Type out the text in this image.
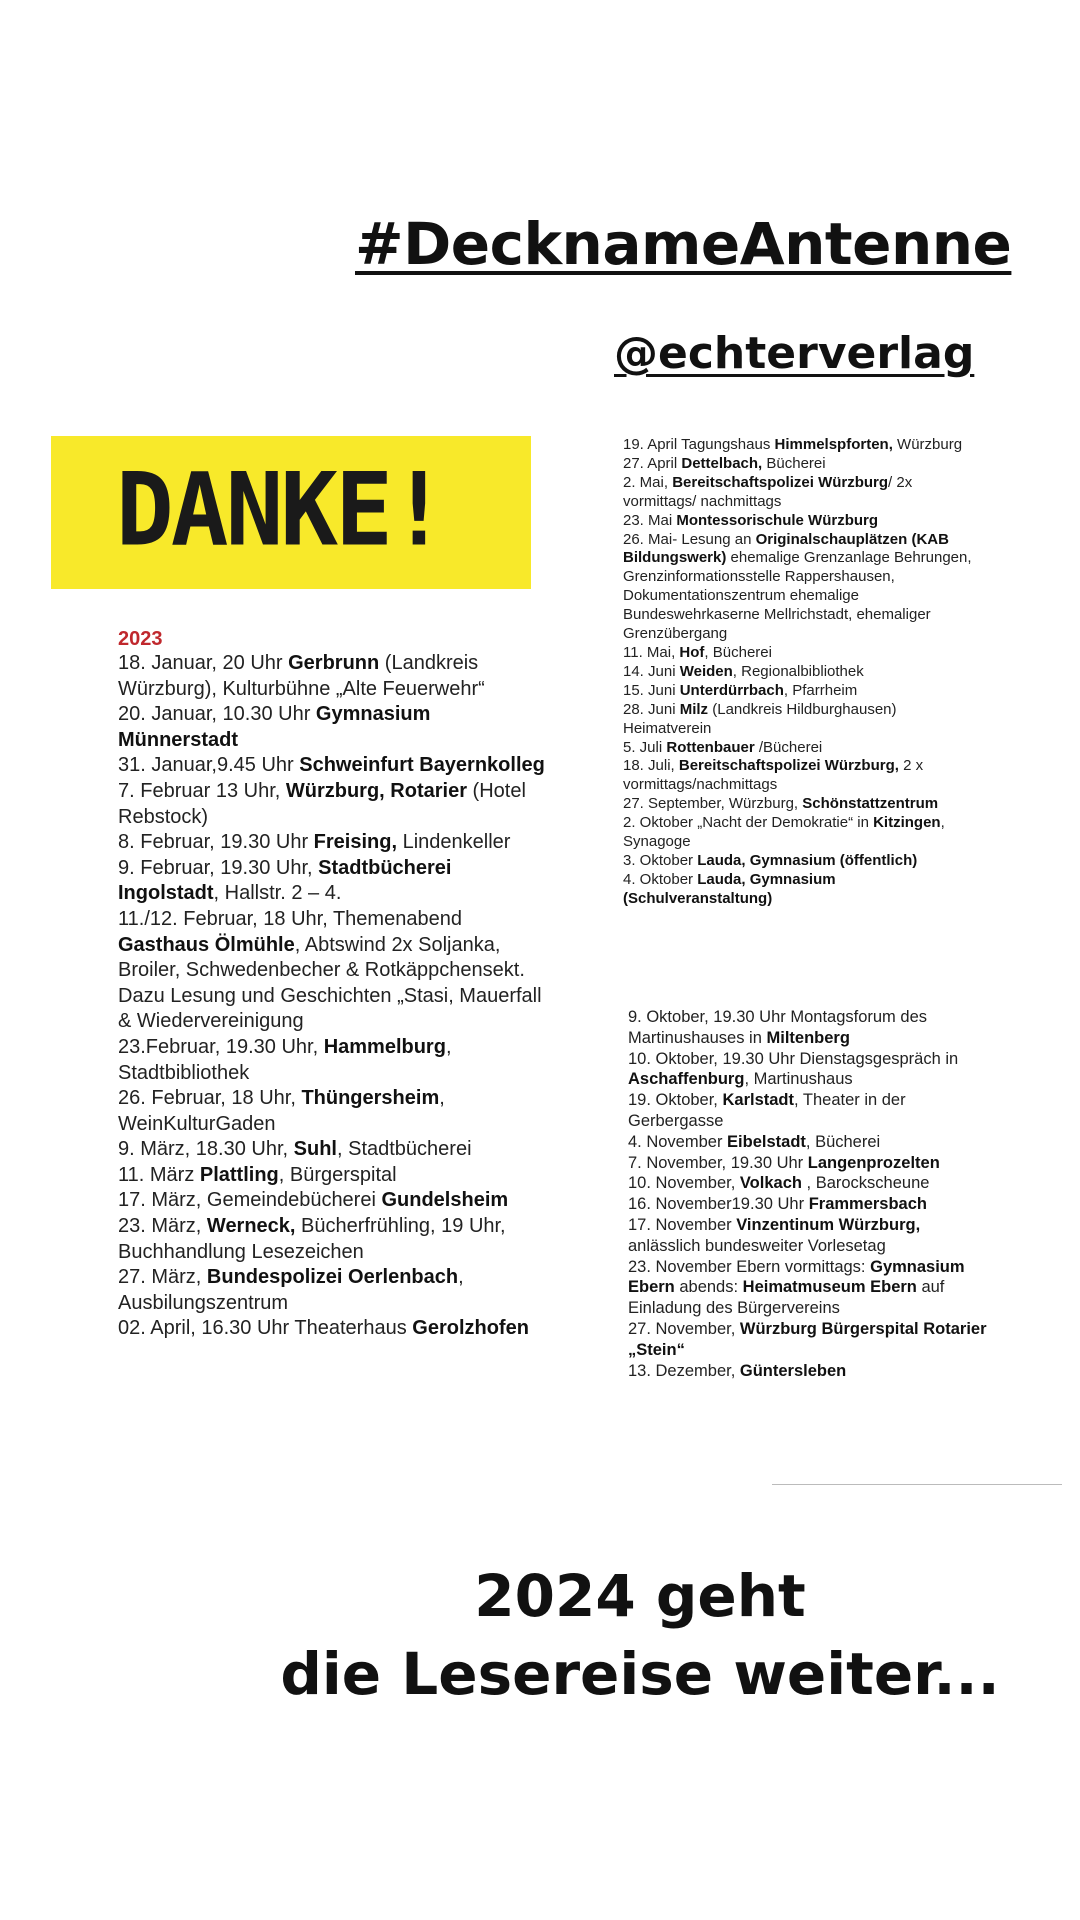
#DecknameAntenne
@echterverlag
DANKE!
2023

18. Januar, 20 Uhr Gerbrunn (Landkreis Würzburg), Kulturbühne „Alte Feuerwehr“

20. Januar, 10.30 Uhr Gymnasium Münnerstadt

31. Januar,9.45 Uhr Schweinfurt Bayernkolleg

7. Februar 13 Uhr, Würzburg, Rotarier (Hotel Rebstock)

8. Februar, 19.30 Uhr Freising, Lindenkeller

9. Februar, 19.30 Uhr, Stadtbücherei Ingolstadt, Hallstr. 2 – 4.

11./12. Februar, 18 Uhr, Themenabend Gasthaus Ölmühle, Abtswind 2x Soljanka, Broiler, Schwedenbecher & Rotkäppchensekt. Dazu Lesung und Geschichten „Stasi, Mauerfall & Wiedervereinigung

23.Februar, 19.30 Uhr, Hammelburg, Stadtbibliothek

26. Februar, 18 Uhr, Thüngersheim, WeinKulturGaden

9. März, 18.30 Uhr, Suhl, Stadtbücherei

11. März Plattling, Bürgerspital

17. März, Gemeindebücherei Gundelsheim

23. März, Werneck, Bücherfrühling, 19 Uhr, Buchhandlung Lesezeichen

27. März, Bundespolizei Oerlenbach, Ausbilungszentrum

02. April, 16.30 Uhr Theaterhaus Gerolzhofen

19. April Tagungshaus Himmelspforten, Würzburg

27. April Dettelbach, Bücherei

2. Mai, Bereitschaftspolizei Würzburg/ 2x vormittags/ nachmittags

23. Mai Montessorischule Würzburg

26. Mai- Lesung an Originalschauplätzen (KAB Bildungswerk) ehemalige Grenzanlage Behrungen, Grenzinformationsstelle Rappershausen, Dokumentationszentrum ehemalige Bundeswehrkaserne Mellrichstadt, ehemaliger Grenzübergang

11. Mai, Hof, Bücherei

14. Juni Weiden, Regionalbibliothek

15. Juni Unterdürrbach, Pfarrheim

28. Juni Milz (Landkreis Hildburghausen) Heimatverein

5. Juli Rottenbauer /Bücherei

18. Juli, Bereitschaftspolizei Würzburg, 2 x vormittags/nachmittags

27. September, Würzburg, Schönstattzentrum

2. Oktober „Nacht der Demokratie“ in Kitzingen, Synagoge

3. Oktober Lauda, Gymnasium (öffentlich)

4. Oktober Lauda, Gymnasium (Schulveranstaltung)

9. Oktober, 19.30 Uhr Montagsforum des Martinushauses in Miltenberg

10. Oktober, 19.30 Uhr Dienstagsgespräch in Aschaffenburg, Martinushaus

19. Oktober, Karlstadt, Theater in der Gerbergasse

4. November Eibelstadt, Bücherei

7. November, 19.30 Uhr Langenprozelten

10. November, Volkach , Barockscheune

16. November19.30 Uhr Frammersbach

17. November Vinzentinum Würzburg, anlässlich bundesweiter Vorlesetag

23. November Ebern vormittags: Gymnasium Ebern abends: Heimatmuseum Ebern auf Einladung des Bürgervereins

27. November, Würzburg Bürgerspital Rotarier „Stein“

13. Dezember, Güntersleben

2024 geht
die Lesereise weiter...
